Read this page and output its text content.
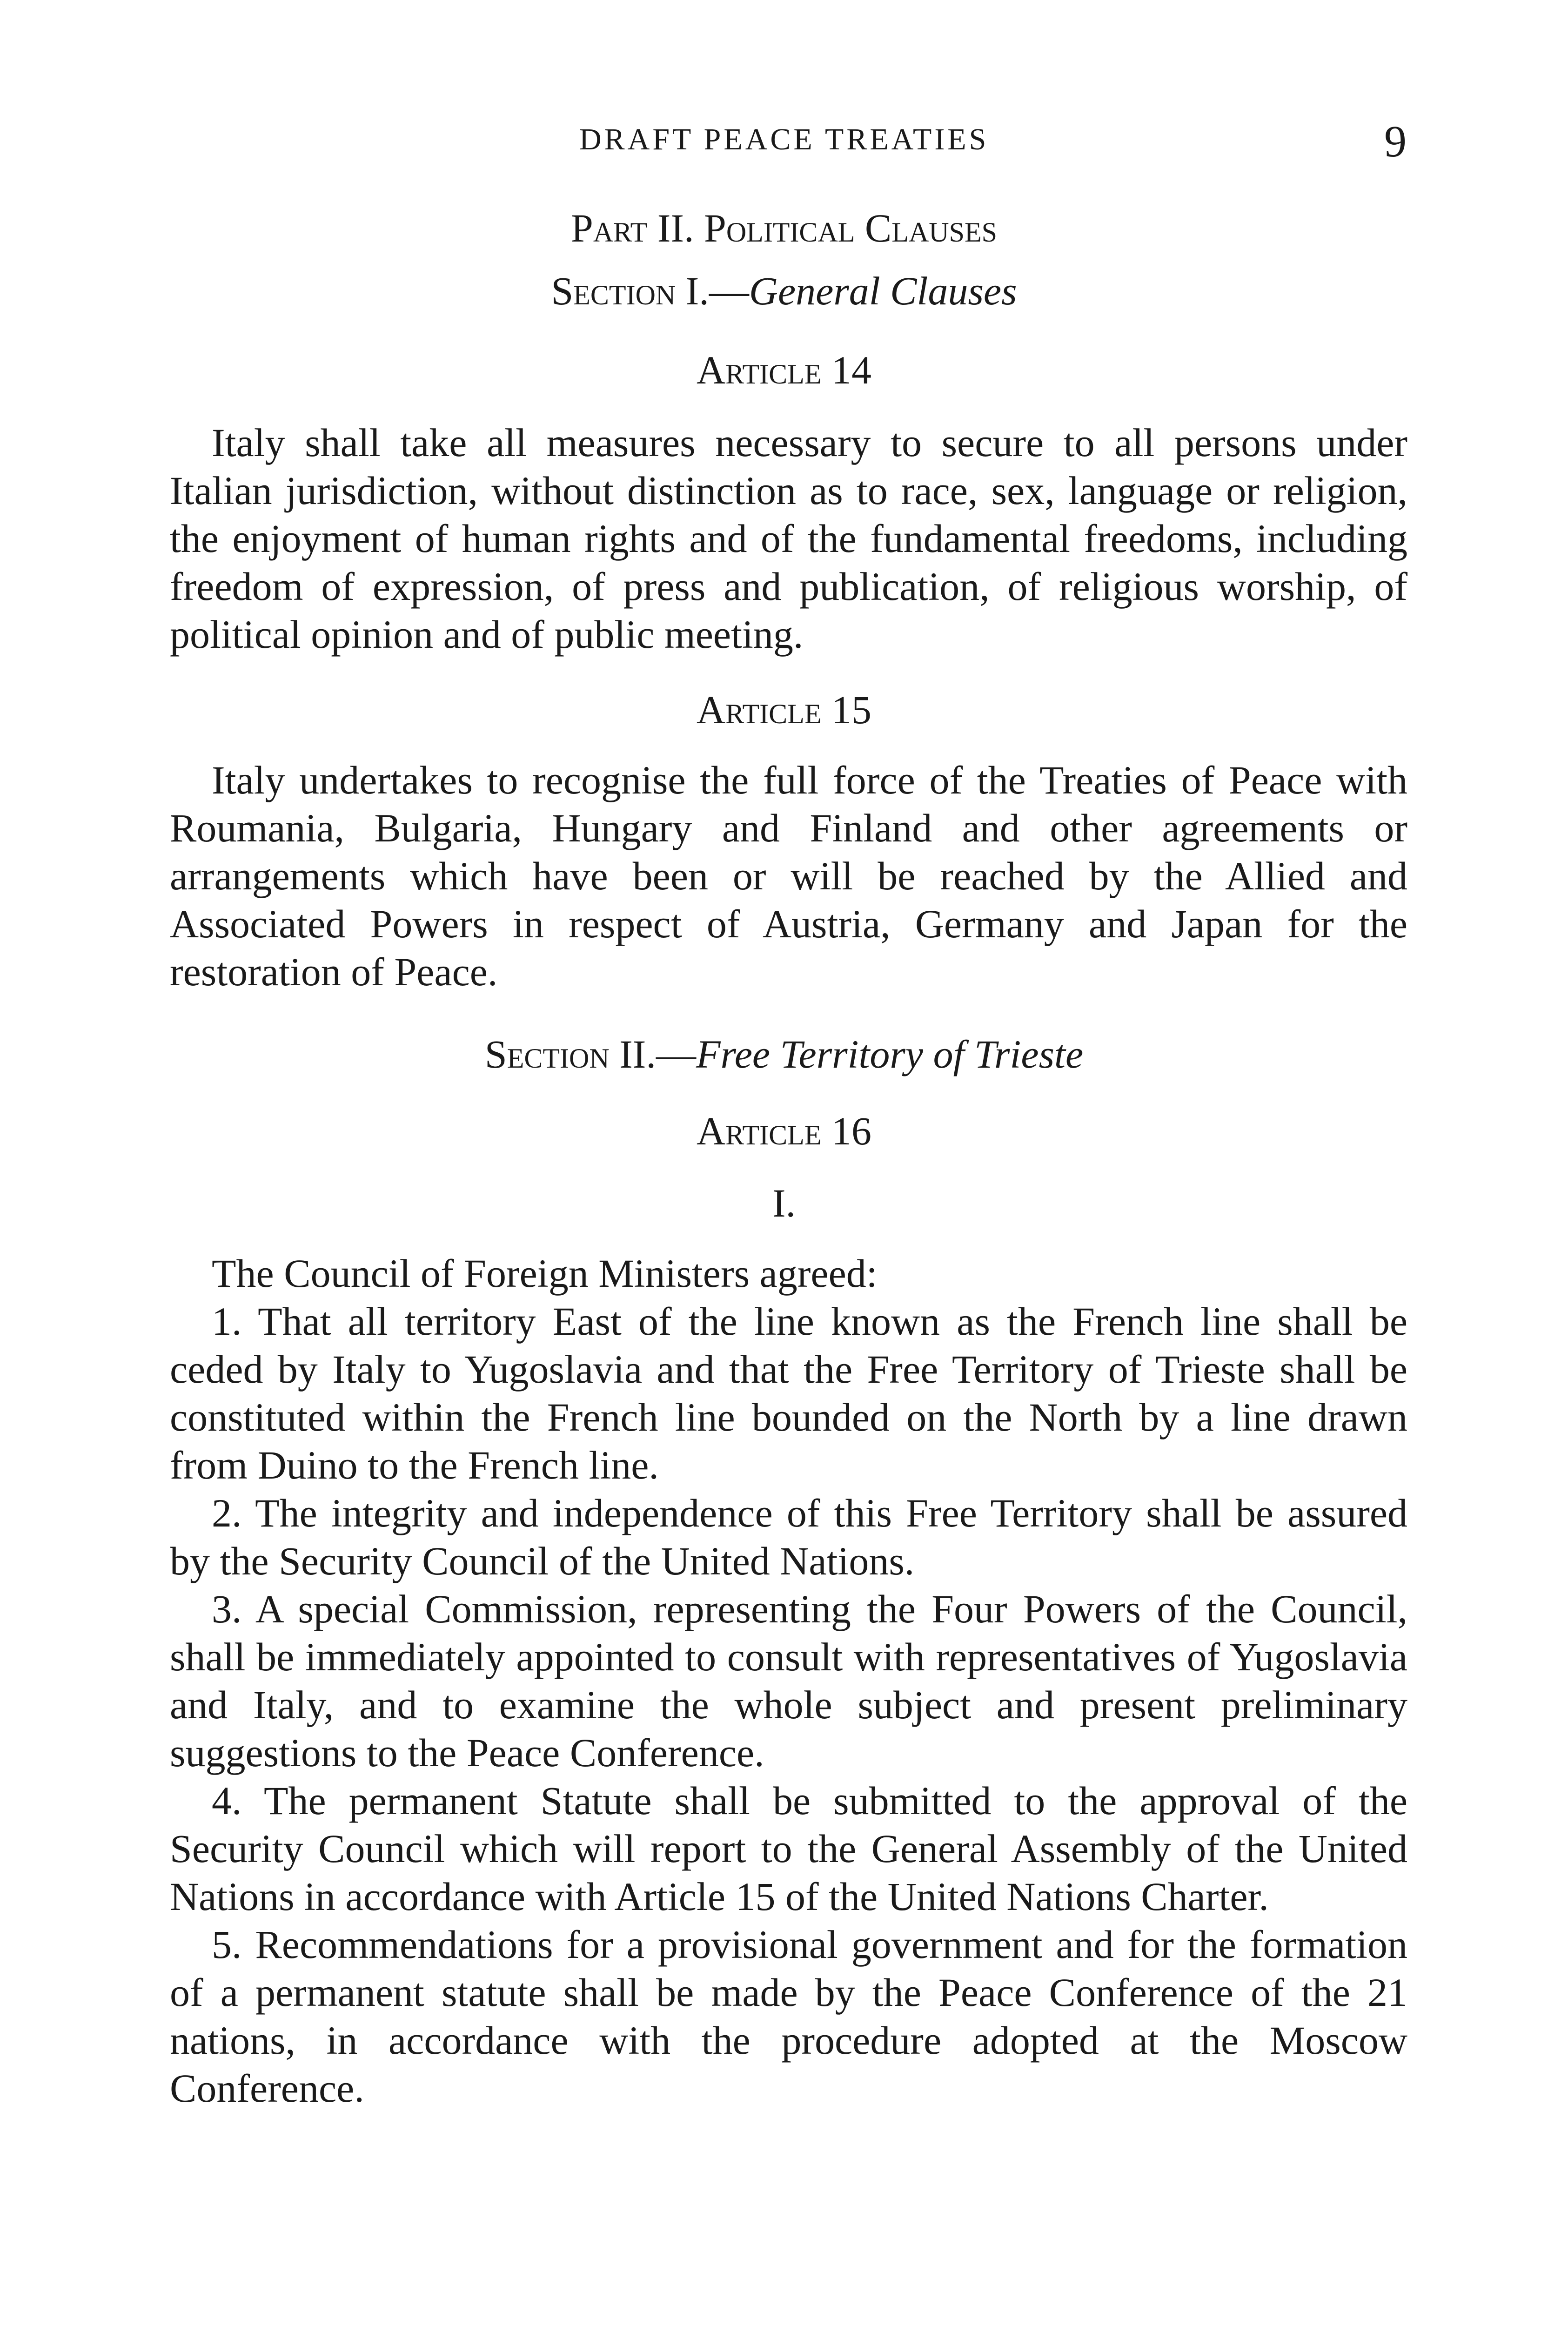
DRAFT PEACE TREATIES	9
Part II. Political Clauses
Section I.—General Clauses
Article 14

Italy shall take all measures necessary to secure to all persons under Italian jurisdiction, without distinction as to race, sex, language or religion, the enjoyment of human rights and of the fundamental freedoms, including freedom of expression, of press and publication, of religious worship, of political opinion and of public meeting.

Article 15

Italy undertakes to recognise the full force of the Treaties of Peace with Roumania, Bulgaria, Hungary and Finland and other agreements or arrangements which have been or will be reached by the Allied and Associated Powers in respect of Austria, Germany and Japan for the restoration of Peace.

Section II.—Free Territory of Trieste
Article 16
I.

The Council of Foreign Ministers agreed:

1. That all territory East of the line known as the French line shall be ceded by Italy to Yugoslavia and that the Free Territory of Trieste shall be constituted within the French line bounded on the North by a line drawn from Duino to the French line.

2. The integrity and independence of this Free Territory shall be assured by the Security Council of the United Nations.

3. A special Commission, representing the Four Powers of the Council, shall be immediately appointed to consult with representatives of Yugoslavia and Italy, and to examine the whole subject and present preliminary suggestions to the Peace Conference.

4. The permanent Statute shall be submitted to the approval of the Security Council which will report to the General Assembly of the United Nations in accordance with Article 15 of the United Nations Charter.

5. Recommendations for a provisional government and for the formation of a permanent statute shall be made by the Peace Conference of the 21 nations, in accordance with the procedure adopted at the Moscow Conference.
